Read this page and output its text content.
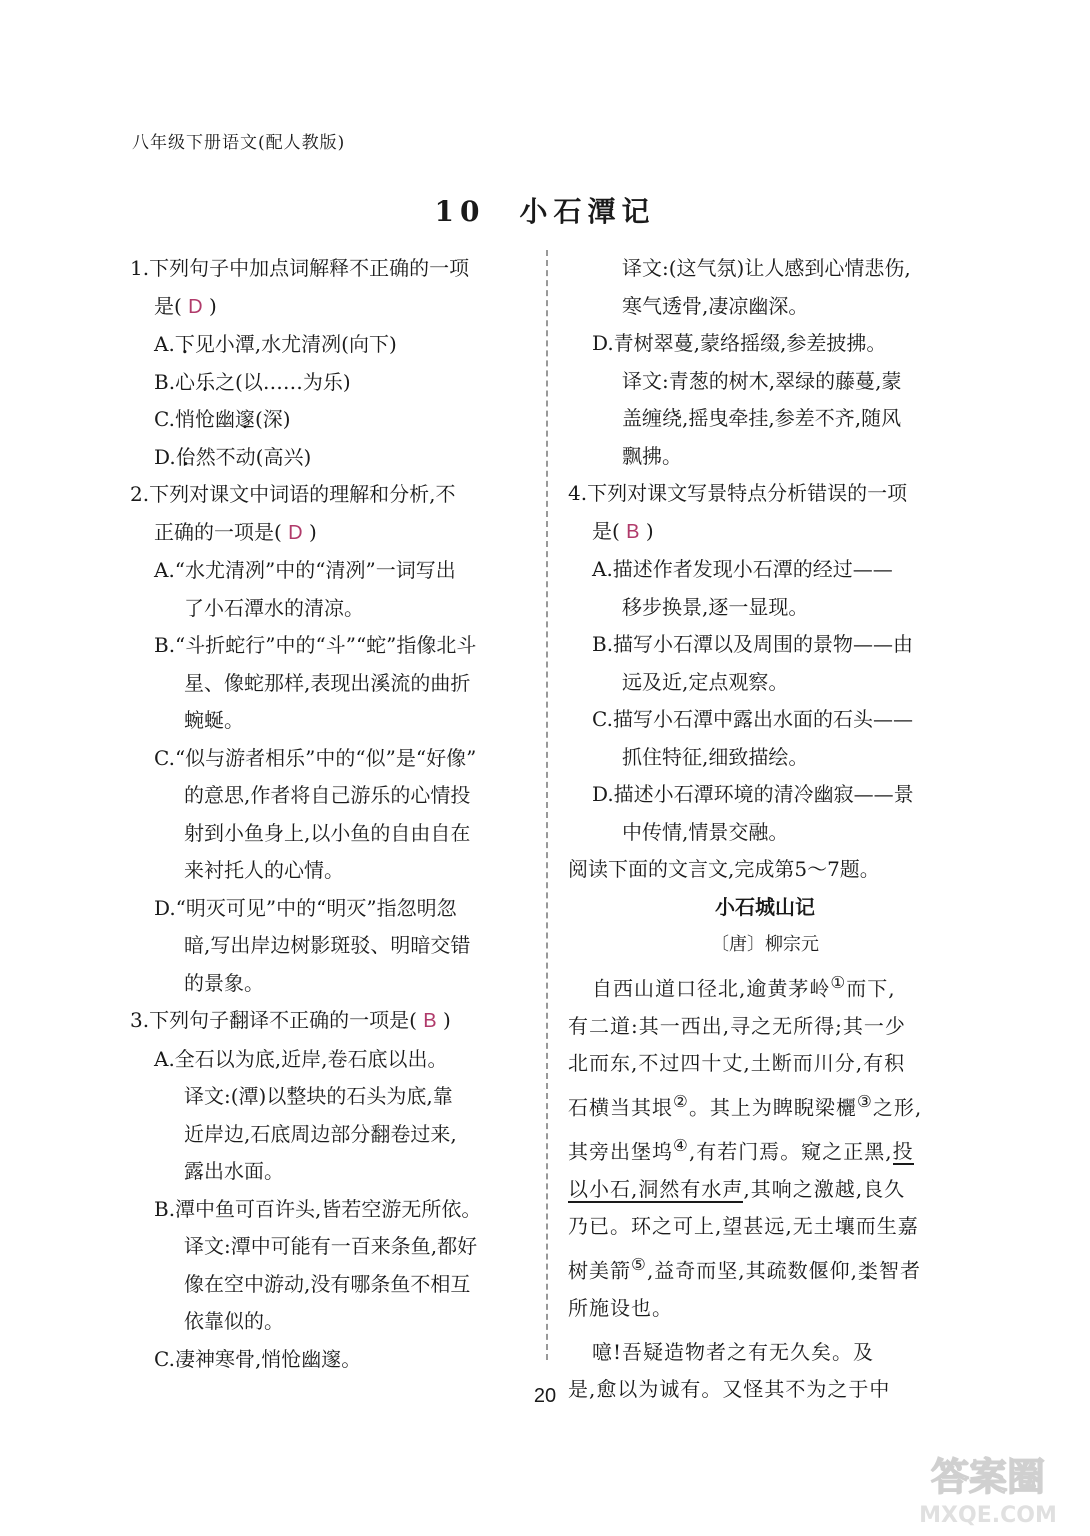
八年级下册语文(配人教版)
10　小石潭记
1.下列句子中加点词解释不正确的一项
是( D )
A.下见小潭,水尤清冽(向下)
B.心乐之(以……为乐)
C.悄怆幽邃(深)
D.佁然不动(高兴)
2.下列对课文中词语的理解和分析,不
正确的一项是( D )
A.“水尤清冽”中的“清冽”一词写出
了小石潭水的清凉。
B.“斗折蛇行”中的“斗”“蛇”指像北斗
星、像蛇那样,表现出溪流的曲折
蜿蜒。
C.“似与游者相乐”中的“似”是“好像”
的意思,作者将自己游乐的心情投
射到小鱼身上,以小鱼的自由自在
来衬托人的心情。
D.“明灭可见”中的“明灭”指忽明忽
暗,写出岸边树影斑驳、明暗交错
的景象。
3.下列句子翻译不正确的一项是( B )
A.全石以为底,近岸,卷石底以出。
译文:(潭)以整块的石头为底,靠
近岸边,石底周边部分翻卷过来,
露出水面。
B.潭中鱼可百许头,皆若空游无所依。
译文:潭中可能有一百来条鱼,都好
像在空中游动,没有哪条鱼不相互
依靠似的。
C.凄神寒骨,悄怆幽邃。
译文:(这气氛)让人感到心情悲伤,
寒气透骨,凄凉幽深。
D.青树翠蔓,蒙络摇缀,参差披拂。
译文:青葱的树木,翠绿的藤蔓,蒙
盖缠绕,摇曳牵挂,参差不齐,随风
飘拂。
4.下列对课文写景特点分析错误的一项
是( B )
A.描述作者发现小石潭的经过——
移步换景,逐一显现。
B.描写小石潭以及周围的景物——由
远及近,定点观察。
C.描写小石潭中露出水面的石头——
抓住特征,细致描绘。
D.描述小石潭环境的清冷幽寂——景
中传情,情景交融。
阅读下面的文言文,完成第5～7题。
小石城山记
〔唐〕柳宗元
自西山道口径北,逾黄茅岭①而下,
有二道:其一西出,寻之无所得;其一少
北而东,不过四十丈,土断而川分,有积
石横当其垠②。其上为睥睨梁欐③之形,
其旁出堡坞④,有若门焉。窥之正黑,投
以小石,洞然有水声,其响之激越,良久
乃已。环之可上,望甚远,无土壤而生嘉
树美箭⑤,益奇而坚,其疏数偃仰,类智者
所施设也。
噫!吾疑造物者之有无久矣。及
是,愈以为诚有。又怪其不为之于中
20
答案圈
MXQE.COM
